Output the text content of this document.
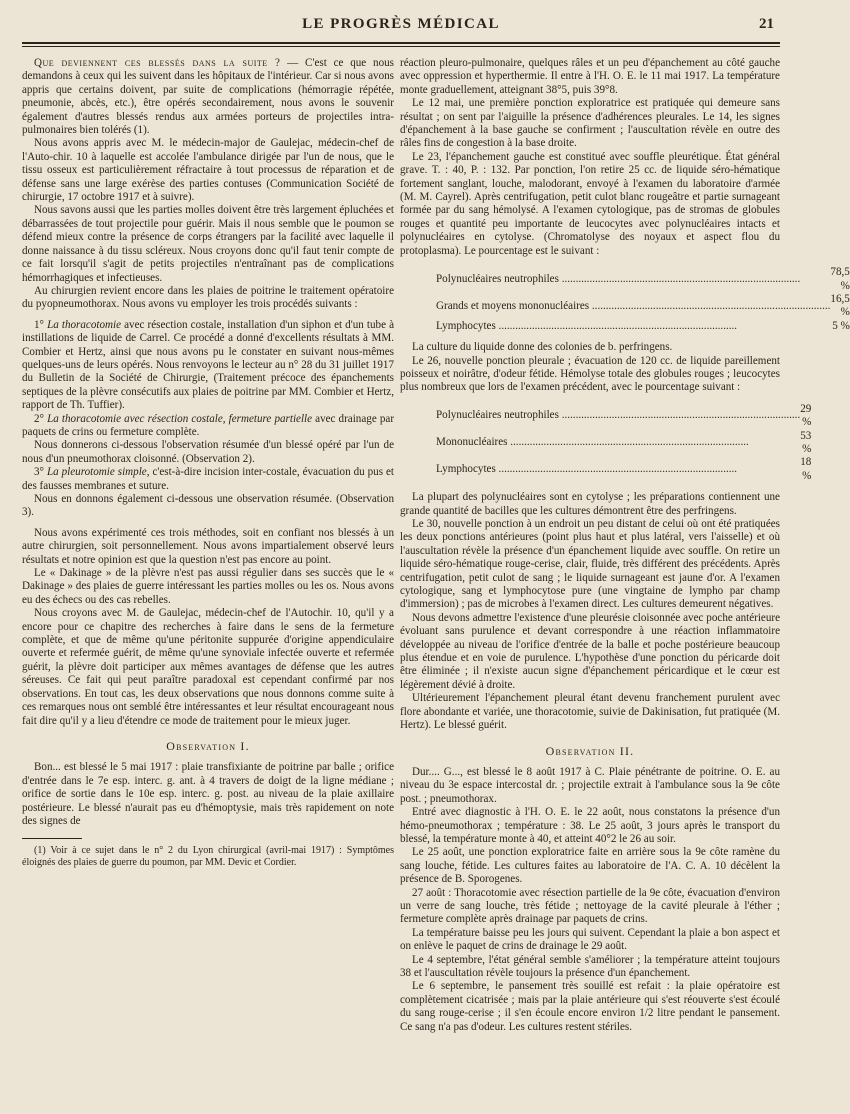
LE PROGRÈS MÉDICAL	21

Que deviennent ces blessés dans la suite ? — C'est ce que nous demandons à ceux qui les suivent dans les hôpitaux de l'intérieur. Car si nous avons appris que certains doivent, par suite de complications (hémorragie répétée, pneumonie, abcès, etc.), être opérés secondairement, nous avons le souvenir également d'autres blessés rendus aux armées porteurs de projectiles intra-pulmonaires bien tolérés (1).

Nous avons appris avec M. le médecin-major de Gaulejac, médecin-chef de l'Auto-chir. 10 à laquelle est accolée l'ambulance dirigée par l'un de nous, que le tissu osseux est particulièrement réfractaire à tout processus de réparation et de défense sans une large exérèse des parties contuses (Communication Société de chirurgie, 17 octobre 1917 et à suivre).

Nous savons aussi que les parties molles doivent être très largement épluchées et débarrassées de tout projectile pour guérir. Mais il nous semble que le poumon se défend mieux contre la présence de corps étrangers par la facilité avec laquelle il donne naissance à du tissu scléreux. Nous croyons donc qu'il faut tenir compte de ce fait lorsqu'il s'agit de petits projectiles n'entraînant pas de complications hémorrhagiques et infectieuses.

Au chirurgien revient encore dans les plaies de poitrine le traitement opératoire du pyopneumothorax. Nous avons vu employer les trois procédés suivants :

1° La thoracotomie avec résection costale, installation d'un siphon et d'un tube à instillations de liquide de Carrel. Ce procédé a donné d'excellents résultats à MM. Combier et Hertz, ainsi que nous avons pu le constater en suivant nous-mêmes quelques-uns de leurs opérés. Nous renvoyons le lecteur au n° 28 du 31 juillet 1917 du Bulletin de la Société de Chirurgie, (Traitement précoce des épanchements septiques de la plèvre consécutifs aux plaies de poitrine par MM. Combier et Hertz, rapport de Th. Tuffier).

2° La thoracotomie avec résection costale, fermeture partielle avec drainage par paquets de crins ou fermeture complète.

Nous donnerons ci-dessous l'observation résumée d'un blessé opéré par l'un de nous d'un pneumothorax cloisonné. (Observation 2).

3° La pleurotomie simple, c'est-à-dire incision inter-costale, évacuation du pus et des fausses membranes et suture.

Nous en donnons également ci-dessous une observation résumée. (Observation 3).

Nous avons expérimenté ces trois méthodes, soit en confiant nos blessés à un autre chirurgien, soit personnellement. Nous avons impartialement observé leurs résultats et notre opinion est que la question n'est pas encore au point.

Le « Dakinage » de la plèvre n'est pas aussi régulier dans ses succès que le « Dakinage » des plaies de guerre intéressant les parties molles ou les os. Nous avons eu des échecs ou des cas rebelles.

Nous croyons avec M. de Gaulejac, médecin-chef de l'Autochir. 10, qu'il y a encore pour ce chapitre des recherches à faire dans le sens de la fermeture complète, et que de même qu'une péritonite suppurée d'origine appendiculaire ouverte et refermée guérit, de même qu'une synoviale infectée ouverte et refermée guérit, la plèvre doit participer aux mêmes avantages de défense que les autres séreuses. Ce fait qui peut paraître paradoxal est cependant confirmé par nos observations. En tout cas, les deux observations que nous donnons comme suite à ces remarques nous ont semblé être intéressantes et leur résultat encourageant nous fait dire qu'il y a lieu d'étendre ce mode de traitement pour le mieux juger.

Observation I.

Bon... est blessé le 5 mai 1917 : plaie transfixiante de poitrine par balle ; orifice d'entrée dans le 7e esp. interc. g. ant. à 4 travers de doigt de la ligne médiane ; orifice de sortie dans le 10e esp. interc. g. post. au niveau de la plaie axillaire postérieure. Le blessé n'aurait pas eu d'hémoptysie, mais très rapidement on note des signes de

(1) Voir à ce sujet dans le n° 2 du Lyon chirurgical (avril-mai 1917) : Symptômes éloignés des plaies de guerre du poumon, par MM. Devic et Cordier.

réaction pleuro-pulmonaire, quelques râles et un peu d'épanchement au côté gauche avec oppression et hyperthermie. Il entre à l'H. O. E. le 11 mai 1917. La température monte graduellement, atteignant 38°5, puis 39°8.

Le 12 mai, une première ponction exploratrice est pratiquée qui demeure sans résultat ; on sent par l'aiguille la présence d'adhérences pleurales. Le 14, les signes d'épanchement à la base gauche se confirment ; l'auscultation révèle en outre des râles fins de congestion à la base droite.

Le 23, l'épanchement gauche est constitué avec souffle pleurétique. État général grave. T. : 40, P. : 132. Par ponction, l'on retire 25 cc. de liquide séro-hématique fortement sanglant, louche, malodorant, envoyé à l'examen du laboratoire d'armée (M. M. Cayrel). Après centrifugation, petit culot blanc rougeâtre et partie surnageant formée par du sang hémolysé. A l'examen cytologique, pas de stromas de globules rouges et quantité peu importante de leucocytes avec polynucléaires intacts et polynucléaires en cytolyse. (Chromatolyse des noyaux et aspect flou du protoplasma). Le pourcentage est le suivant :

Polynucléaires neutrophiles .....	78,5 %

Grands et moyens mononucléaires .....	16,5 %

Lymphocytes .....	5 %

La culture du liquide donne des colonies de b. perfringens.

Le 26, nouvelle ponction pleurale ; évacuation de 120 cc. de liquide pareillement poisseux et noirâtre, d'odeur fétide. Hémolyse totale des globules rouges ; leucocytes plus nombreux que lors de l'examen précédent, avec le pourcentage suivant :

Polynucléaires neutrophiles .....	29 %

Mononucléaires .....	53 %

Lymphocytes .....	18 %

La plupart des polynucléaires sont en cytolyse ; les préparations contiennent une grande quantité de bacilles que les cultures démontrent être des perfringens.

Le 30, nouvelle ponction à un endroit un peu distant de celui où ont été pratiquées les deux ponctions antérieures (point plus haut et plus latéral, vers l'aisselle) et où l'auscultation révèle la présence d'un épanchement liquide avec souffle. On retire un liquide séro-hématique rouge-cerise, clair, fluide, très différent des précédents. Après centrifugation, petit culot de sang ; le liquide surnageant est jaune d'or. A l'examen cytologique, sang et lymphocytose pure (une vingtaine de lympho par champ d'immersion) ; pas de microbes à l'examen direct. Les cultures demeurent négatives.

Nous devons admettre l'existence d'une pleurésie cloisonnée avec poche antérieure évoluant sans purulence et devant correspondre à une réaction inflammatoire développée au niveau de l'orifice d'entrée de la balle et poche postérieure beaucoup plus étendue et en voie de purulence. L'hypothèse d'une ponction du péricarde doit être éliminée ; il n'existe aucun signe d'épanchement péricardique et le cœur est légèrement dévié à droite.

Ultérieurement l'épanchement pleural étant devenu franchement purulent avec flore abondante et variée, une thoracotomie, suivie de Dakinisation, fut pratiquée (M. Hertz). Le blessé guérit.

Observation II.

Dur.... G..., est blessé le 8 août 1917 à C. Plaie pénétrante de poitrine. O. E. au niveau du 3e espace intercostal dr. ; projectile extrait à l'ambulance sous la 9e côte post. ; pneumothorax.

Entré avec diagnostic à l'H. O. E. le 22 août, nous constatons la présence d'un hémo-pneumothorax ; température : 38. Le 25 août, 3 jours après le transport du blessé, la température monte à 40, et atteint 40°2 le 26 au soir.

Le 25 août, une ponction exploratrice faite en arrière sous la 9e côte ramène du sang louche, fétide. Les cultures faites au laboratoire de l'A. C. A. 10 décèlent la présence de B. Sporogenes.

27 août : Thoracotomie avec résection partielle de la 9e côte, évacuation d'environ un verre de sang louche, très fétide ; nettoyage de la cavité pleurale à l'éther ; fermeture complète après drainage par paquets de crins.

La température baisse peu les jours qui suivent. Cependant la plaie a bon aspect et on enlève le paquet de crins de drainage le 29 août.

Le 4 septembre, l'état général semble s'améliorer ; la température atteint toujours 38 et l'auscultation révèle toujours la présence d'un épanchement.

Le 6 septembre, le pansement très souillé est refait : la plaie opératoire est complètement cicatrisée ; mais par la plaie antérieure qui s'est réouverte s'est écoulé du sang rouge-cerise ; il s'en écoule encore environ 1/2 litre pendant le pansement. Ce sang n'a pas d'odeur. Les cultures restent stériles.
